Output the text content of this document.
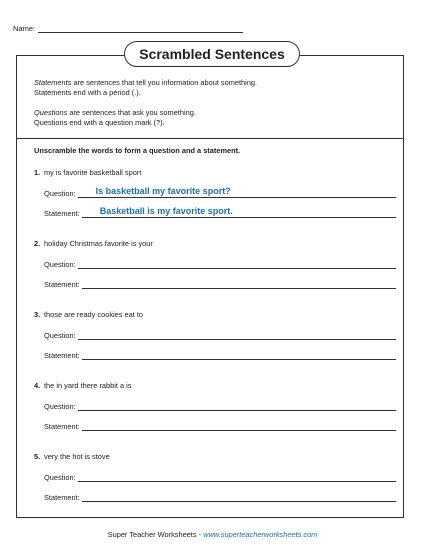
Name:
Scrambled Sentences
Statements are sentences that tell you information about something.
Statements end with a period (.).
Questions are sentences that ask you something.
Questions end with a question mark (?).
Unscramble the words to form a question and a statement.
1. my is favorite basketball sport
Question: Is basketball my favorite sport?
Statement: Basketball is my favorite sport.
2. holiday Christmas favorite is your
Question:
Statement:
3. those are ready cookies eat to
Question:
Statement:
4. the in yard there rabbit a is
Question:
Statement:
5. very the hot is stove
Question:
Statement:
Super Teacher Worksheets - www.superteacherworksheets.com
